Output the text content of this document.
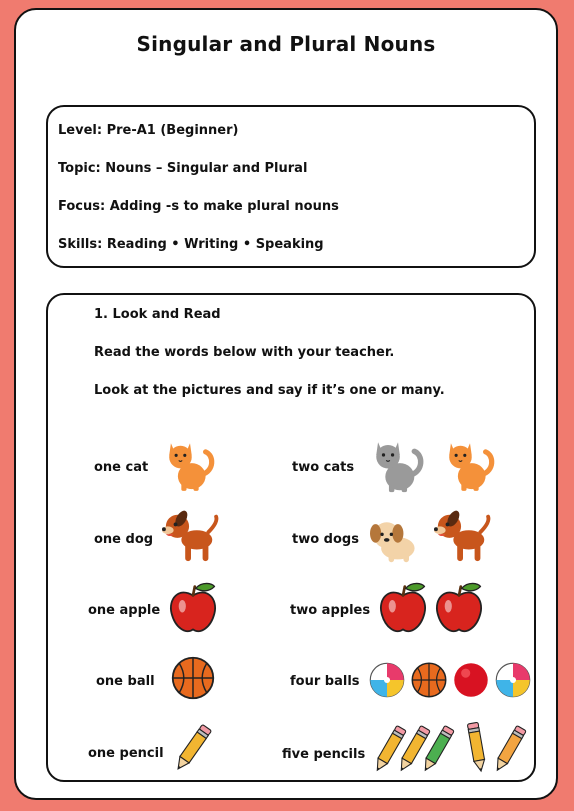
Singular and Plural Nouns
Level: Pre-A1 (Beginner)
Topic: Nouns – Singular and Plural
Focus: Adding -s to make plural nouns
Skills: Reading • Writing • Speaking
1. Look and Read
Read the words below with your teacher.
Look at the pictures and say if it’s one or many.
one cat	two cats
one dog	two dogs
one apple	two apples
one ball	four balls
one pencil	five pencils
